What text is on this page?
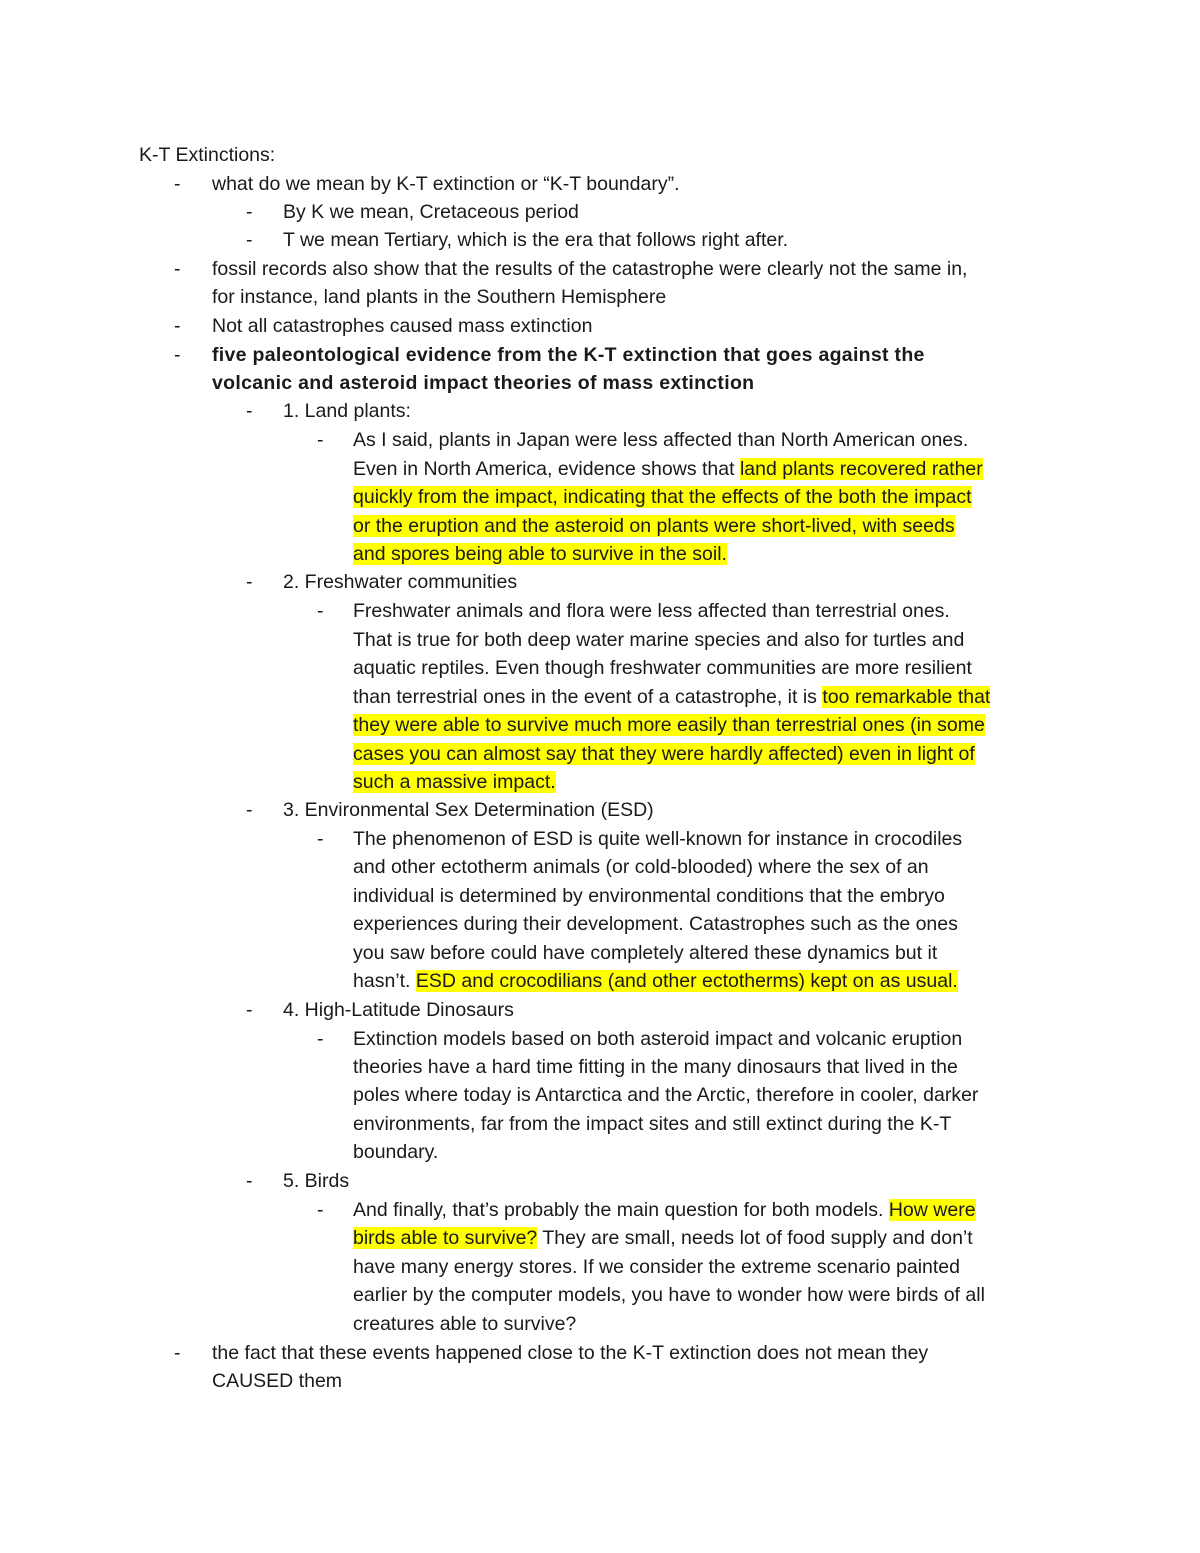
K-T Extinctions:
- what do we mean by K-T extinction or “K-T boundary”.
- By K we mean, Cretaceous period
- T we mean Tertiary, which is the era that follows right after.
- fossil records also show that the results of the catastrophe were clearly not the same in,
for instance, land plants in the Southern Hemisphere
- Not all catastrophes caused mass extinction
- five paleontological evidence from the K-T extinction that goes against the
volcanic and asteroid impact theories of mass extinction
- 1. Land plants:
- As I said, plants in Japan were less affected than North American ones.
Even in North America, evidence shows that land plants recovered rather
quickly from the impact, indicating that the effects of the both the impact
or the eruption and the asteroid on plants were short-lived, with seeds
and spores being able to survive in the soil.
- 2. Freshwater communities
- Freshwater animals and flora were less affected than terrestrial ones.
That is true for both deep water marine species and also for turtles and
aquatic reptiles. Even though freshwater communities are more resilient
than terrestrial ones in the event of a catastrophe, it is too remarkable that
they were able to survive much more easily than terrestrial ones (in some
cases you can almost say that they were hardly affected) even in light of
such a massive impact.
- 3. Environmental Sex Determination (ESD)
- The phenomenon of ESD is quite well-known for instance in crocodiles
and other ectotherm animals (or cold-blooded) where the sex of an
individual is determined by environmental conditions that the embryo
experiences during their development. Catastrophes such as the ones
you saw before could have completely altered these dynamics but it
hasn’t. ESD and crocodilians (and other ectotherms) kept on as usual.
- 4. High-Latitude Dinosaurs
- Extinction models based on both asteroid impact and volcanic eruption
theories have a hard time fitting in the many dinosaurs that lived in the
poles where today is Antarctica and the Arctic, therefore in cooler, darker
environments, far from the impact sites and still extinct during the K-T
boundary.
- 5. Birds
- And finally, that’s probably the main question for both models. How were
birds able to survive? They are small, needs lot of food supply and don’t
have many energy stores. If we consider the extreme scenario painted
earlier by the computer models, you have to wonder how were birds of all
creatures able to survive?
- the fact that these events happened close to the K-T extinction does not mean they
CAUSED them
